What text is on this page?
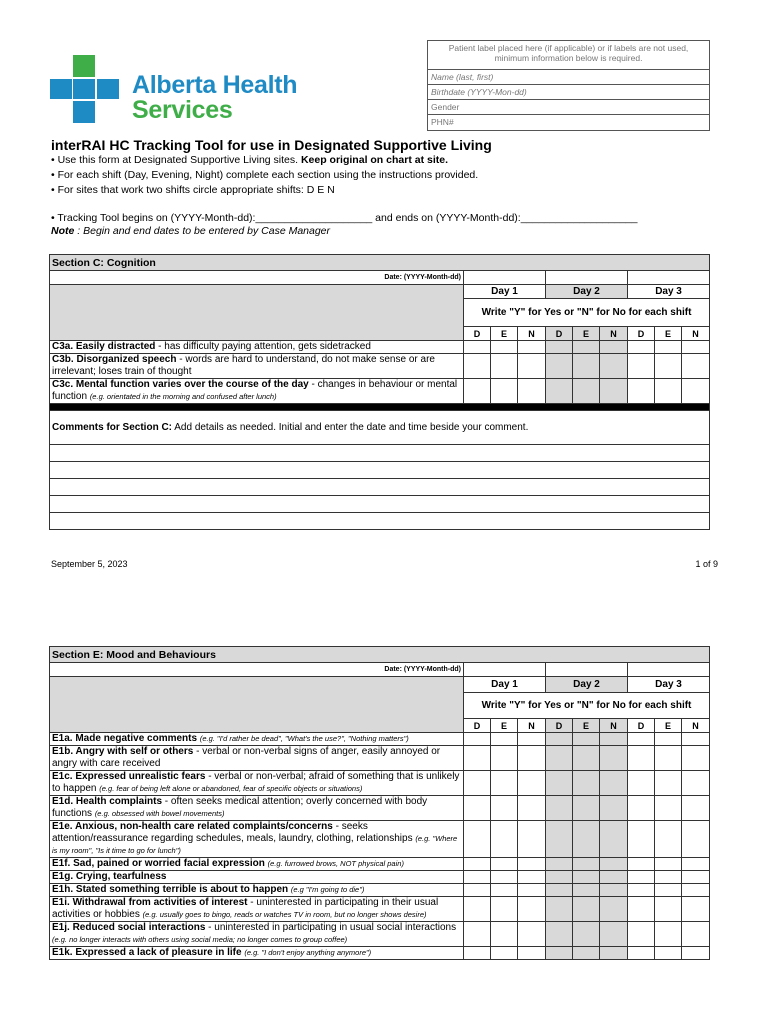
Alberta Health
Services
Patient label placed here (if applicable) or if labels are not used, minimum information below is required.
Name (last, first)
Birthdate (YYYY-Mon-dd)
Gender
PHN#
interRAI HC Tracking Tool for use in Designated Supportive Living
• Use this form at Designated Supportive Living sites. Keep original on chart at site.
• For each shift (Day, Evening, Night) complete each section using the instructions provided.
• For sites that work two shifts circle appropriate shifts: D E N
• Tracking Tool begins on (YYYY-Month-dd):____________________ and ends on (YYYY-Month-dd):____________________
Note : Begin and end dates to be entered by Case Manager
Section C: Cognition									
Date: (YYYY-Month-dd)									
	Day 1			Day 2			Day 3		
	Write "Y" for Yes or "N" for No for each shift								
	D	E	N	D	E	N	D	E	N
C3a. Easily distracted - has difficulty paying attention, gets sidetracked									
C3b. Disorganized speech - words are hard to understand, do not make sense or are irrelevant; loses train of thought									
C3c. Mental function varies over the course of the day - changes in behaviour or mental function (e.g. orientated in the morning and confused after lunch)									

Comments for Section C: Add details as needed. Initial and enter the date and time beside your comment.									

September 5, 2023	1 of 9
Section E: Mood and Behaviours									
Date: (YYYY-Month-dd)									
	Day 1			Day 2			Day 3		
	Write "Y" for Yes or "N" for No for each shift								
	D	E	N	D	E	N	D	E	N
E1a. Made negative comments (e.g. "I'd rather be dead", "What's the use?", "Nothing matters")									
E1b. Angry with self or others - verbal or non-verbal signs of anger, easily annoyed or angry with care received									
E1c. Expressed unrealistic fears - verbal or non-verbal; afraid of something that is unlikely to happen (e.g. fear of being left alone or abandoned, fear of specific objects or situations)									
E1d. Health complaints - often seeks medical attention; overly concerned with body functions (e.g. obsessed with bowel movements)									
E1e. Anxious, non-health care related complaints/concerns - seeks attention/reassurance regarding schedules, meals, laundry, clothing, relationships (e.g. "Where is my room", "Is it time to go for lunch")									
E1f. Sad, pained or worried facial expression (e.g. furrowed brows, NOT physical pain)									
E1g. Crying, tearfulness									
E1h. Stated something terrible is about to happen (e.g "I'm going to die")									
E1i. Withdrawal from activities of interest - uninterested in participating in their usual activities or hobbies (e.g. usually goes to bingo, reads or watches TV in room, but no longer shows desire)									
E1j. Reduced social interactions - uninterested in participating in usual social interactions (e.g. no longer interacts with others using social media; no longer comes to group coffee)									
E1k. Expressed a lack of pleasure in life (e.g. "I don't enjoy anything anymore")									
